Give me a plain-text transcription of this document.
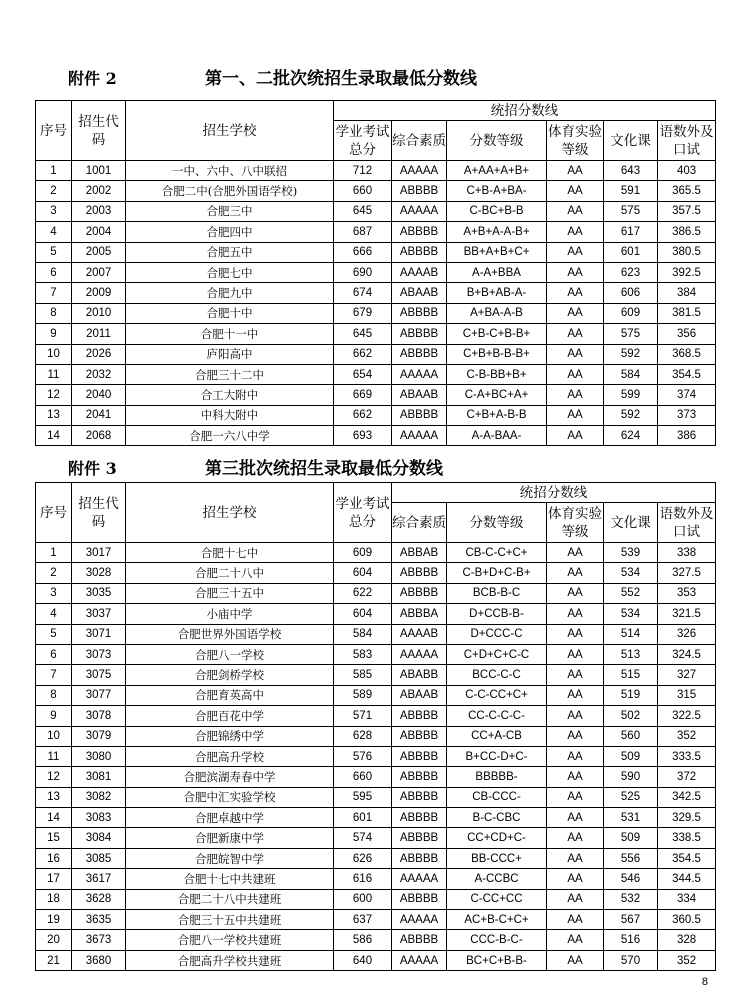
附件 2	第一、二批次统招生录取最低分数线
序号	招生代码	招生学校	统招分数线					
			学业考试总分	综合素质	分数等级	体育实验等级	文化课	语数外及口试
1	1001	一中、六中、八中联招	712	AAAAA	A+AA+A+B+	AA	643	403
2	2002	合肥二中(合肥外国语学校)	660	ABBBB	C+B-A+BA-	AA	591	365.5
3	2003	合肥三中	645	AAAAA	C-BC+B-B	AA	575	357.5
4	2004	合肥四中	687	ABBBB	A+B+A-A-B+	AA	617	386.5
5	2005	合肥五中	666	ABBBB	BB+A+B+C+	AA	601	380.5
6	2007	合肥七中	690	AAAAB	A-A+BBA	AA	623	392.5
7	2009	合肥九中	674	ABAAB	B+B+AB-A-	AA	606	384
8	2010	合肥十中	679	ABBBB	A+BA-A-B	AA	609	381.5
9	2011	合肥十一中	645	ABBBB	C+B-C+B-B+	AA	575	356
10	2026	庐阳高中	662	ABBBB	C+B+B-B-B+	AA	592	368.5
11	2032	合肥三十二中	654	AAAAA	C-B-BB+B+	AA	584	354.5
12	2040	合工大附中	669	ABAAB	C-A+BC+A+	AA	599	374
13	2041	中科大附中	662	ABBBB	C+B+A-B-B	AA	592	373
14	2068	合肥一六八中学	693	AAAAA	A-A-BAA-	AA	624	386
附件 3	第三批次统招生录取最低分数线
序号	招生代码	招生学校	学业考试总分	统招分数线				
				综合素质	分数等级	体育实验等级	文化课	语数外及口试
1	3017	合肥十七中	609	ABBAB	CB-C-C+C+	AA	539	338
2	3028	合肥二十八中	604	ABBBB	C-B+D+C-B+	AA	534	327.5
3	3035	合肥三十五中	622	ABBBB	BCB-B-C	AA	552	353
4	3037	小庙中学	604	ABBBA	D+CCB-B-	AA	534	321.5
5	3071	合肥世界外国语学校	584	AAAAB	D+CCC-C	AA	514	326
6	3073	合肥八一学校	583	AAAAA	C+D+C+C-C	AA	513	324.5
7	3075	合肥剑桥学校	585	ABABB	BCC-C-C	AA	515	327
8	3077	合肥育英高中	589	ABAAB	C-C-CC+C+	AA	519	315
9	3078	合肥百花中学	571	ABBBB	CC-C-C-C-	AA	502	322.5
10	3079	合肥锦绣中学	628	ABBBB	CC+A-CB	AA	560	352
11	3080	合肥高升学校	576	ABBBB	B+CC-D+C-	AA	509	333.5
12	3081	合肥滨湖寿春中学	660	ABBBB	BBBBB-	AA	590	372
13	3082	合肥中汇实验学校	595	ABBBB	CB-CCC-	AA	525	342.5
14	3083	合肥卓越中学	601	ABBBB	B-C-CBC	AA	531	329.5
15	3084	合肥新康中学	574	ABBBB	CC+CD+C-	AA	509	338.5
16	3085	合肥皖智中学	626	ABBBB	BB-CCC+	AA	556	354.5
17	3617	合肥十七中共建班	616	AAAAA	A-CCBC	AA	546	344.5
18	3628	合肥二十八中共建班	600	ABBBB	C-CC+CC	AA	532	334
19	3635	合肥三十五中共建班	637	AAAAA	AC+B-C+C+	AA	567	360.5
20	3673	合肥八一学校共建班	586	ABBBB	CCC-B-C-	AA	516	328
21	3680	合肥高升学校共建班	640	AAAAA	BC+C+B-B-	AA	570	352
8
